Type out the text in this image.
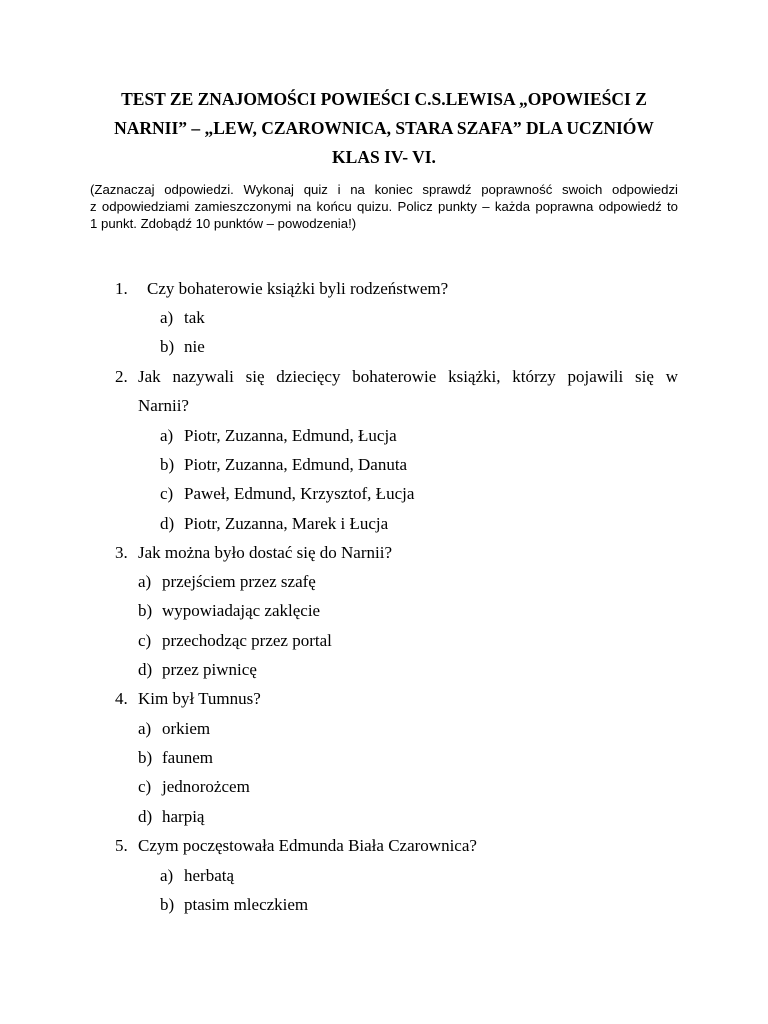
TEST ZE ZNAJOMOŚCI POWIEŚCI C.S.LEWISA „OPOWIEŚCI Z
NARNII” – „LEW, CZAROWNICA, STARA SZAFA” DLA UCZNIÓW
KLAS IV- VI.

(Zaznaczaj odpowiedzi. Wykonaj quiz i na koniec sprawdź poprawność swoich odpowiedzi
z odpowiedziami zamieszczonymi na końcu quizu. Policz punkty – każda poprawna odpowiedź to
1 punkt. Zdobądź 10 punktów – powodzenia!)

1. Czy bohaterowie książki byli rodzeństwem?
a) tak
b) nie
2. Jak nazywali się dziecięcy bohaterowie książki, którzy pojawili się w
Narnii?
a) Piotr, Zuzanna, Edmund, Łucja
b) Piotr, Zuzanna, Edmund, Danuta
c) Paweł, Edmund, Krzysztof, Łucja
d) Piotr, Zuzanna, Marek i Łucja
3. Jak można było dostać się do Narnii?
a) przejściem przez szafę
b) wypowiadając zaklęcie
c) przechodząc przez portal
d) przez piwnicę
4. Kim był Tumnus?
a) orkiem
b) faunem
c) jednorożcem
d) harpią
5. Czym poczęstowała Edmunda Biała Czarownica?
a) herbatą
b) ptasim mleczkiem
